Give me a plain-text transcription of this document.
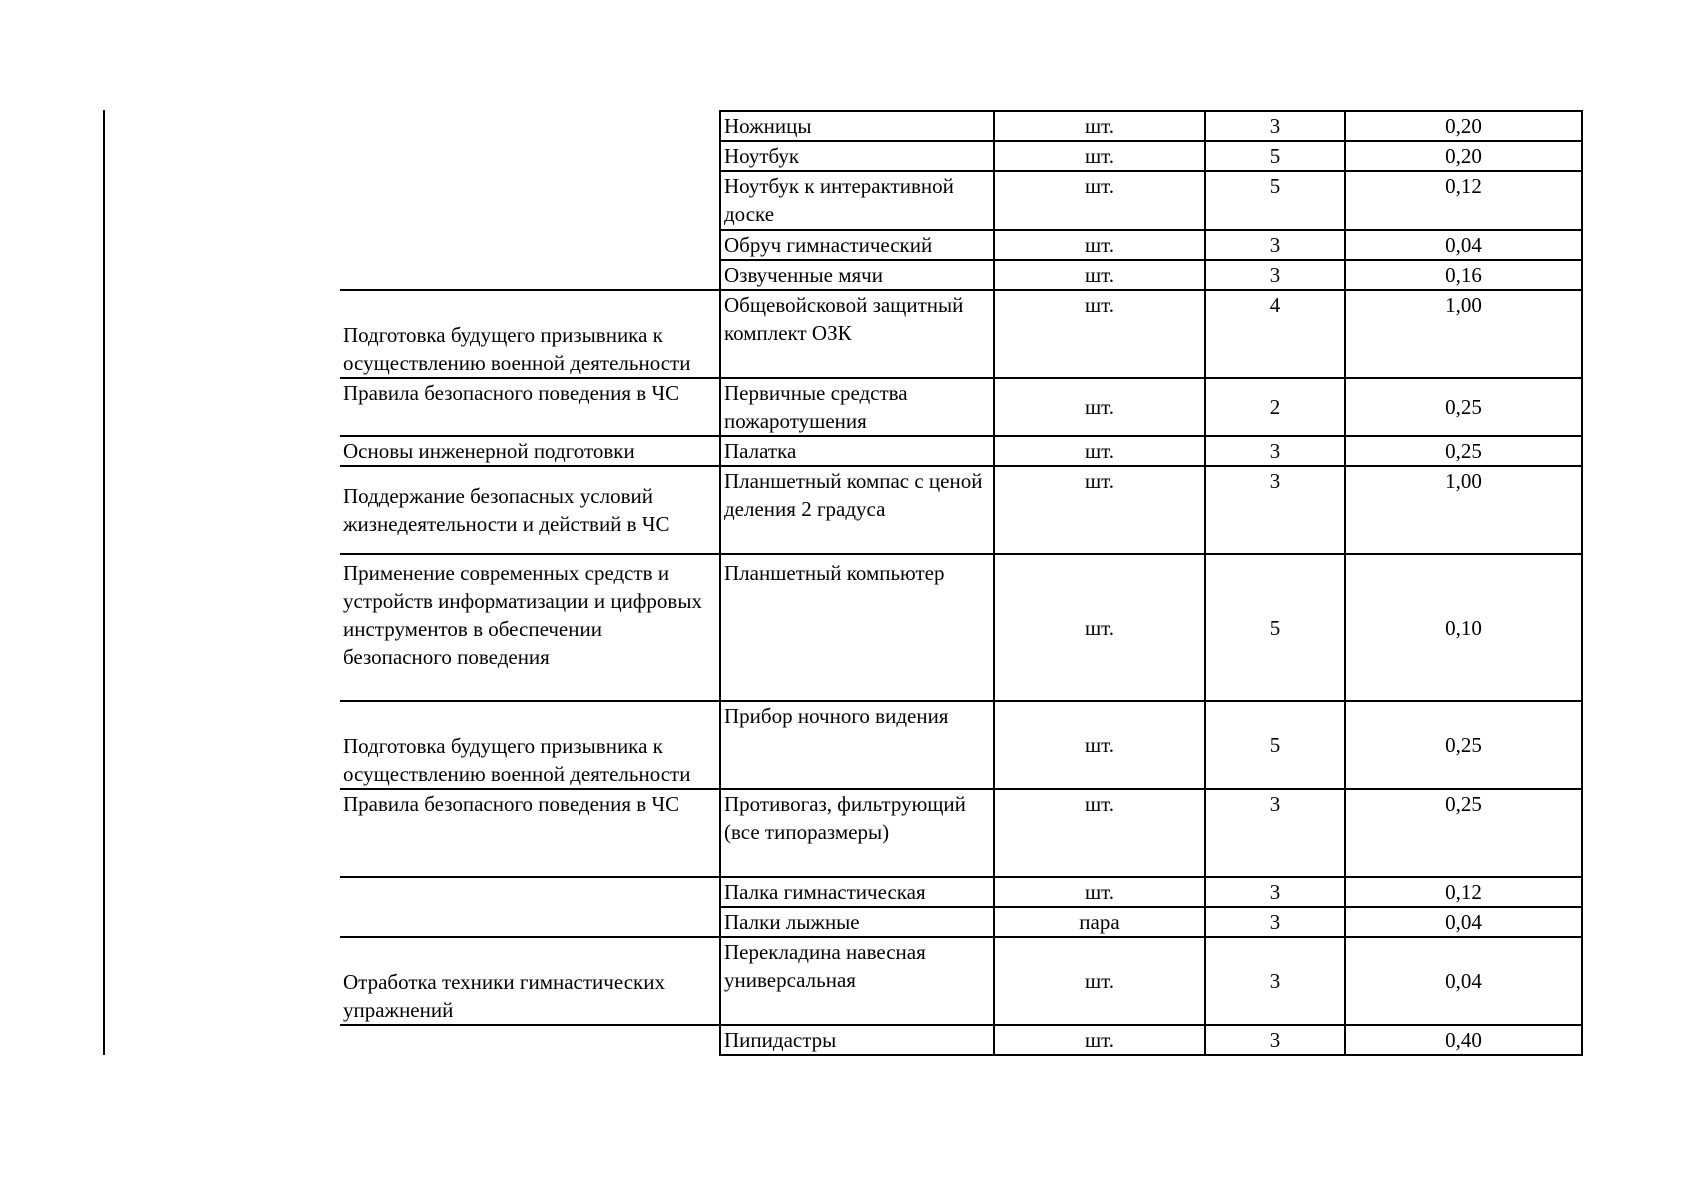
	Ножницы	шт.	3	0,20
	Ноутбук	шт.	5	0,20
	Ноутбук к интерактивной доске	шт.	5	0,12
	Обруч гимнастический	шт.	3	0,04
	Озвученные мячи	шт.	3	0,16
Подготовка будущего призывника к осуществлению военной деятельности	Общевойсковой защитный комплект ОЗК	шт.	4	1,00
Правила безопасного поведения в ЧС	Первичные средства пожаротушения	шт.	2	0,25
Основы инженерной подготовки	Палатка	шт.	3	0,25
Поддержание безопасных условий жизнедеятельности и действий в ЧС	Планшетный компас с ценой деления 2 градуса	шт.	3	1,00
Применение современных средств и устройств информатизации и цифровых инструментов в обеспечении безопасного поведения	Планшетный компьютер	шт.	5	0,10
Подготовка будущего призывника к осуществлению военной деятельности	Прибор ночного видения	шт.	5	0,25
Правила безопасного поведения в ЧС	Противогаз, фильтрующий (все типоразмеры)	шт.	3	0,25
	Палка гимнастическая	шт.	3	0,12
	Палки лыжные	пара	3	0,04
Отработка техники гимнастических упражнений	Перекладина навесная универсальная	шт.	3	0,04
	Пипидастры	шт.	3	0,40
